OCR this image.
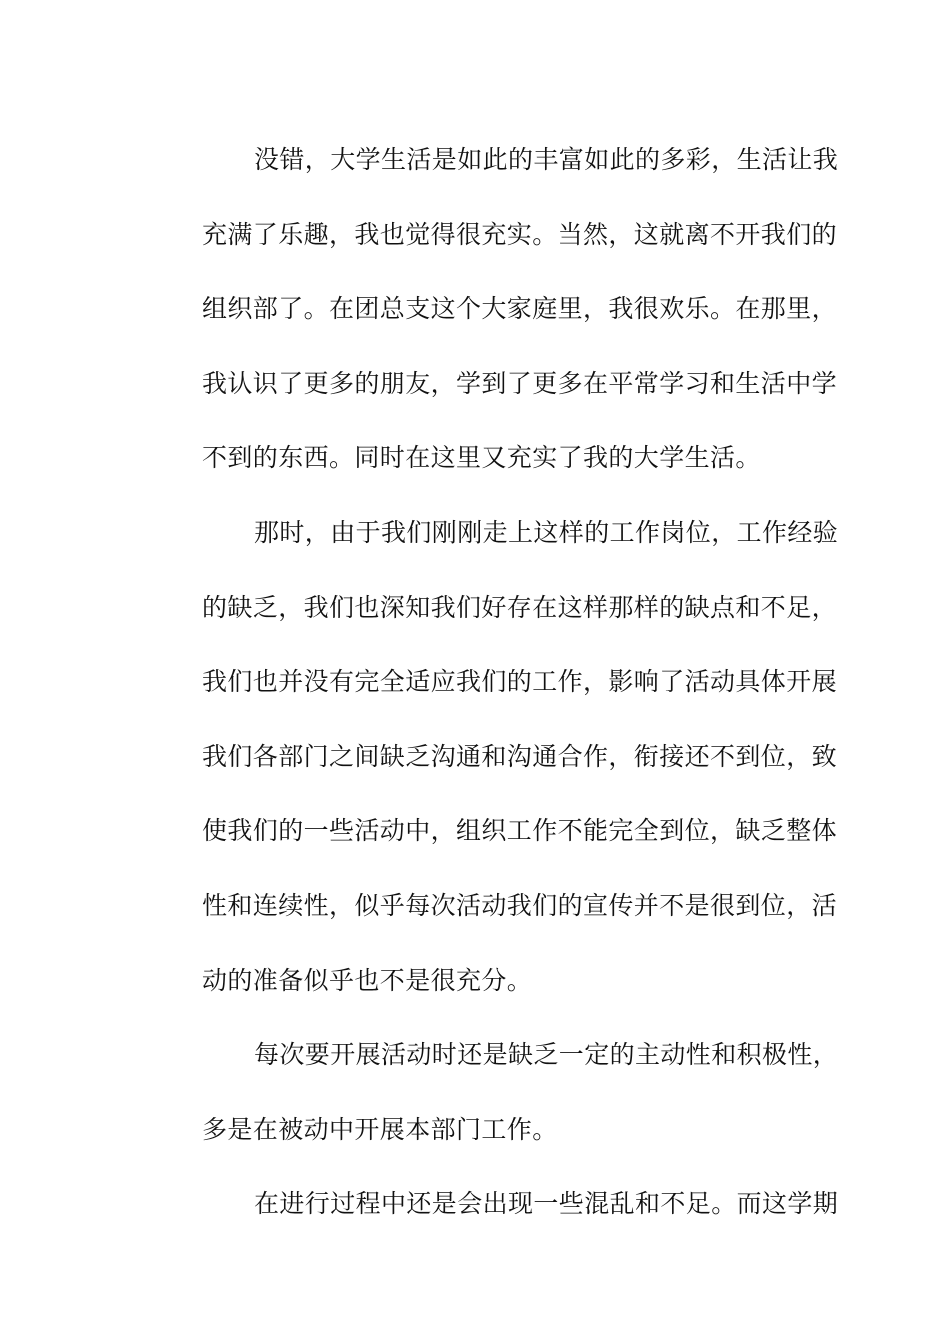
没错，大学生活是如此的丰富如此的多彩，生活让我
充满了乐趣，我也觉得很充实。当然，这就离不开我们的
组织部了。在团总支这个大家庭里，我很欢乐。在那里，
我认识了更多的朋友，学到了更多在平常学习和生活中学
不到的东西。同时在这里又充实了我的大学生活。
那时，由于我们刚刚走上这样的工作岗位，工作经验
的缺乏，我们也深知我们好存在这样那样的缺点和不足，
我们也并没有完全适应我们的工作，影响了活动具体开展
我们各部门之间缺乏沟通和沟通合作，衔接还不到位，致
使我们的一些活动中，组织工作不能完全到位，缺乏整体
性和连续性，似乎每次活动我们的宣传并不是很到位，活
动的准备似乎也不是很充分。
每次要开展活动时还是缺乏一定的主动性和积极性，
多是在被动中开展本部门工作。
在进行过程中还是会出现一些混乱和不足。而这学期
